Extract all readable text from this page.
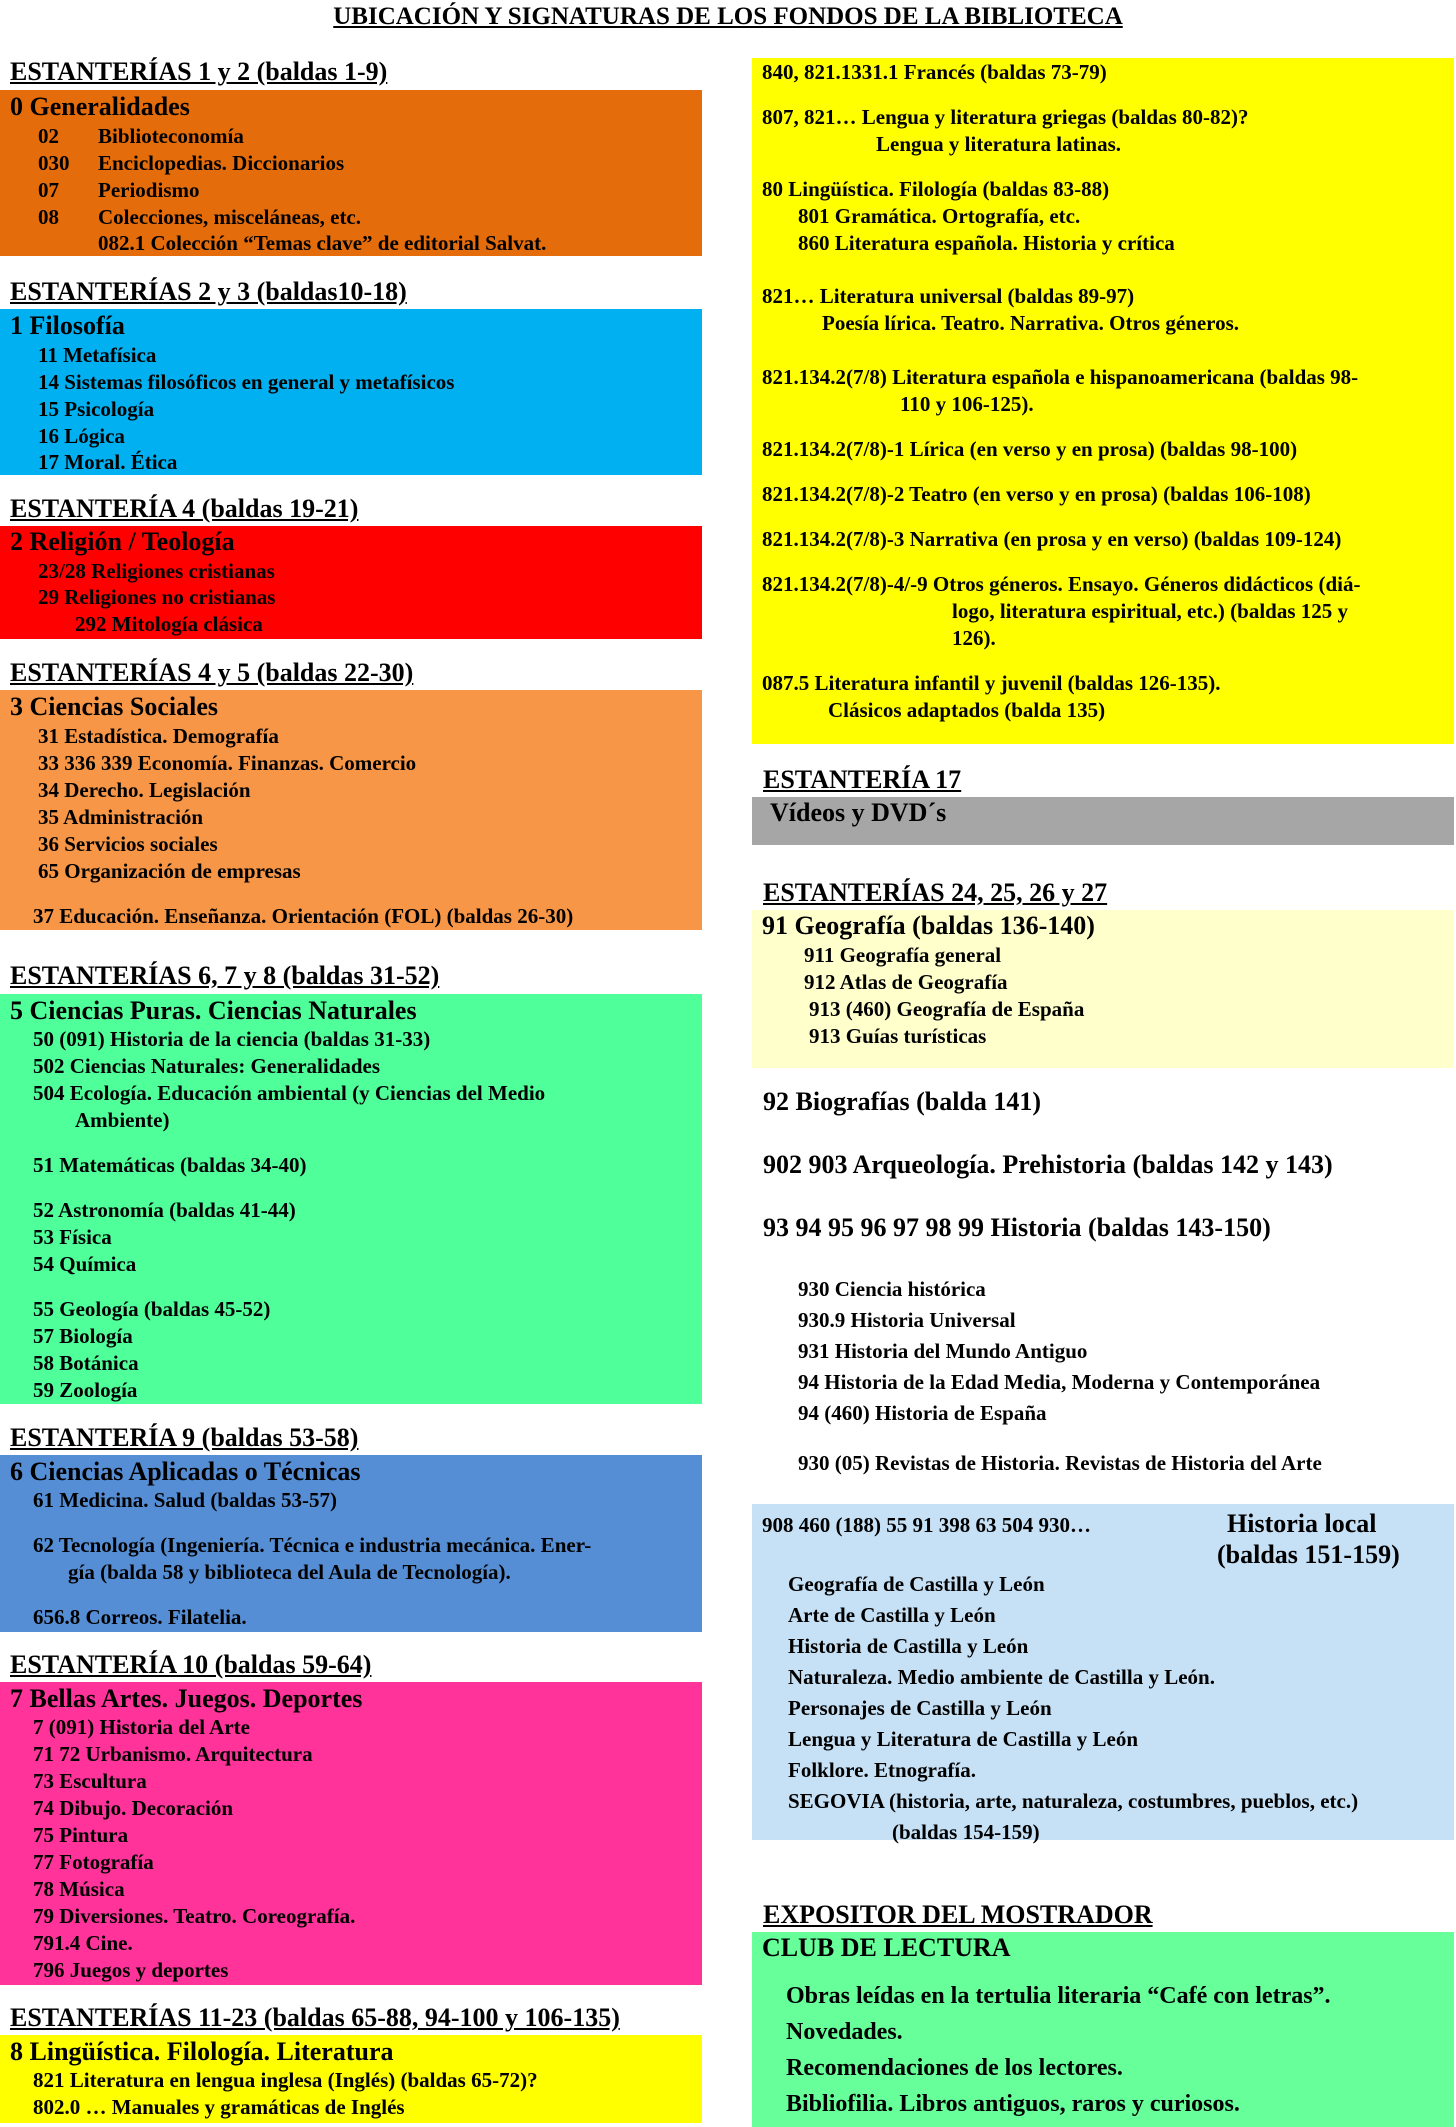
UBICACIÓN Y SIGNATURAS DE LOS FONDOS DE LA BIBLIOTECA
ESTANTERÍAS 1 y 2 (baldas 1-9)
0 Generalidades
02 Biblioteconomía
030 Enciclopedias. Diccionarios
07 Periodismo
08 Colecciones, misceláneas, etc.
082.1 Colección “Temas clave” de editorial Salvat.
ESTANTERÍAS 2 y 3 (baldas10-18)
1 Filosofía
11 Metafísica
14 Sistemas filosóficos en general y metafísicos
15 Psicología
16 Lógica
17 Moral. Ética
ESTANTERÍA 4 (baldas 19-21)
2 Religión / Teología
23/28 Religiones cristianas
29 Religiones no cristianas
292 Mitología clásica
ESTANTERÍAS 4 y 5 (baldas 22-30)
3 Ciencias Sociales
31 Estadística. Demografía
33 336 339 Economía. Finanzas. Comercio
34 Derecho. Legislación
35 Administración
36 Servicios sociales
65 Organización de empresas
37 Educación. Enseñanza. Orientación (FOL) (baldas 26-30)
ESTANTERÍAS 6, 7 y 8 (baldas 31-52)
5 Ciencias Puras. Ciencias Naturales
50 (091) Historia de la ciencia (baldas 31-33)
502 Ciencias Naturales: Generalidades
504 Ecología. Educación ambiental (y Ciencias del Medio
Ambiente)
51 Matemáticas (baldas 34-40)
52 Astronomía (baldas 41-44)
53 Física
54 Química
55 Geología (baldas 45-52)
57 Biología
58 Botánica
59 Zoología
ESTANTERÍA 9 (baldas 53-58)
6 Ciencias Aplicadas o Técnicas
61 Medicina. Salud (baldas 53-57)
62 Tecnología (Ingeniería. Técnica e industria mecánica. Ener-
gía (balda 58 y biblioteca del Aula de Tecnología).
656.8 Correos. Filatelia.
ESTANTERÍA 10 (baldas 59-64)
7 Bellas Artes. Juegos. Deportes
7 (091) Historia del Arte
71 72 Urbanismo. Arquitectura
73 Escultura
74 Dibujo. Decoración
75 Pintura
77 Fotografía
78 Música
79 Diversiones. Teatro. Coreografía.
791.4 Cine.
796 Juegos y deportes
ESTANTERÍAS 11-23 (baldas 65-88, 94-100 y 106-135)
8 Lingüística. Filología. Literatura
821 Literatura en lengua inglesa (Inglés) (baldas 65-72)?
802.0 … Manuales y gramáticas de Inglés
840, 821.1331.1 Francés (baldas 73-79)
807, 821… Lengua y literatura griegas (baldas 80-82)?
Lengua y literatura latinas.
80 Lingüística. Filología (baldas 83-88)
801 Gramática. Ortografía, etc.
860 Literatura española. Historia y crítica
821… Literatura universal (baldas 89-97)
Poesía lírica. Teatro. Narrativa. Otros géneros.
821.134.2(7/8) Literatura española e hispanoamericana (baldas 98-
110 y 106-125).
821.134.2(7/8)-1 Lírica (en verso y en prosa) (baldas 98-100)
821.134.2(7/8)-2 Teatro (en verso y en prosa) (baldas 106-108)
821.134.2(7/8)-3 Narrativa (en prosa y en verso) (baldas 109-124)
821.134.2(7/8)-4/-9 Otros géneros. Ensayo. Géneros didácticos (diá-
logo, literatura espiritual, etc.) (baldas 125 y
126).
087.5 Literatura infantil y juvenil (baldas 126-135).
Clásicos adaptados (balda 135)
ESTANTERÍA 17
Vídeos y DVD´s
ESTANTERÍAS 24, 25, 26 y 27
91 Geografía (baldas 136-140)
911 Geografía general
912 Atlas de Geografía
913 (460) Geografía de España
913 Guías turísticas
92 Biografías (balda 141)
902 903 Arqueología. Prehistoria (baldas 142 y 143)
93 94 95 96 97 98 99 Historia (baldas 143-150)
930 Ciencia histórica
930.9 Historia Universal
931 Historia del Mundo Antiguo
94 Historia de la Edad Media, Moderna y Contemporánea
94 (460) Historia de España
930 (05) Revistas de Historia. Revistas de Historia del Arte
908 460 (188) 55 91 398 63 504 930…	Historia local
(baldas 151-159)
Geografía de Castilla y León
Arte de Castilla y León
Historia de Castilla y León
Naturaleza. Medio ambiente de Castilla y León.
Personajes de Castilla y León
Lengua y Literatura de Castilla y León
Folklore. Etnografía.
SEGOVIA (historia, arte, naturaleza, costumbres, pueblos, etc.)
(baldas 154-159)
EXPOSITOR DEL MOSTRADOR
CLUB DE LECTURA
Obras leídas en la tertulia literaria “Café con letras”.
Novedades.
Recomendaciones de los lectores.
Bibliofilia. Libros antiguos, raros y curiosos.
